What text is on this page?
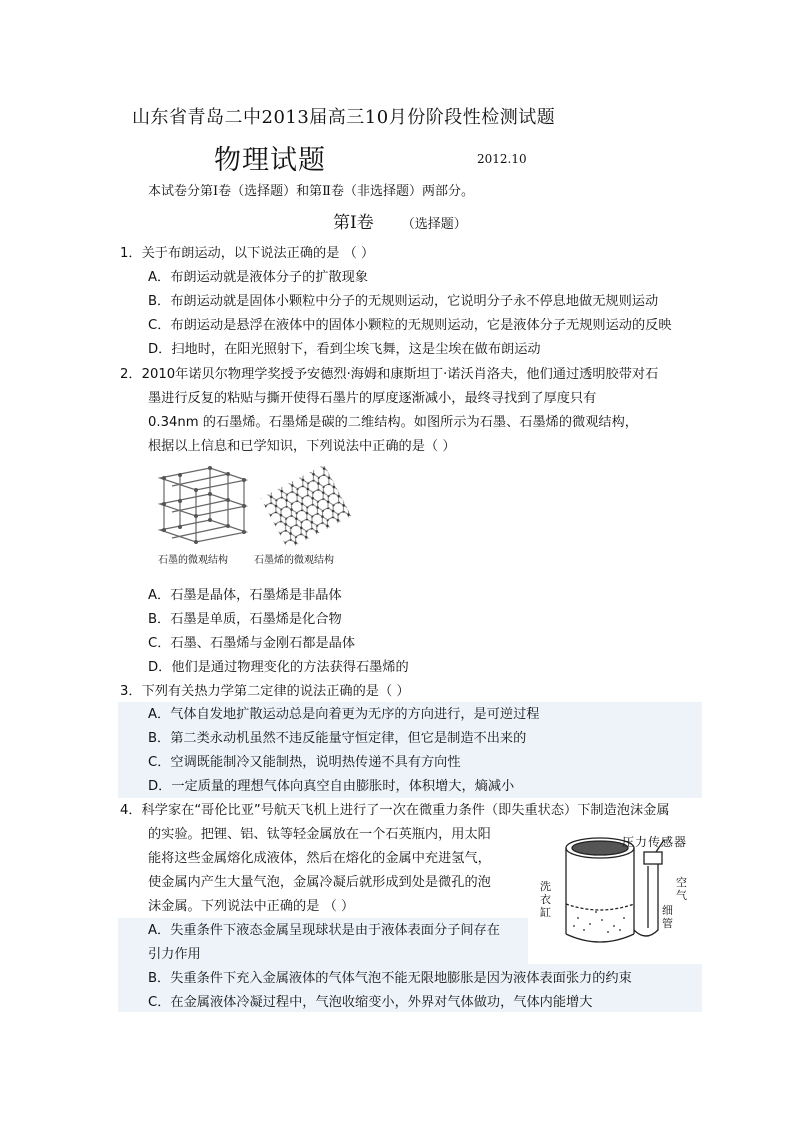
山东省青岛二中2013届高三10月份阶段性检测试题
物理试题	2012.10
本试卷分第Ⅰ卷（选择题）和第Ⅱ卷（非选择题）两部分。
第Ⅰ卷 （选择题）
1．关于布朗运动，以下说法正确的是 （ ）
A．布朗运动就是液体分子的扩散现象
B．布朗运动就是固体小颗粒中分子的无规则运动，它说明分子永不停息地做无规则运动
C．布朗运动是悬浮在液体中的固体小颗粒的无规则运动，它是液体分子无规则运动的反映
D．扫地时，在阳光照射下，看到尘埃飞舞，这是尘埃在做布朗运动
2．2010年诺贝尔物理学奖授予安德烈·海姆和康斯坦丁·诺沃肖洛夫，他们通过透明胶带对石
墨进行反复的粘贴与撕开使得石墨片的厚度逐渐减小，最终寻找到了厚度只有
0.34nm 的石墨烯。石墨烯是碳的二维结构。如图所示为石墨、石墨烯的微观结构，
根据以上信息和已学知识，下列说法中正确的是（ ）
石墨的微观结构	石墨烯的微观结构
A．石墨是晶体，石墨烯是非晶体
B．石墨是单质，石墨烯是化合物
C．石墨、石墨烯与金刚石都是晶体
D．他们是通过物理变化的方法获得石墨烯的
3．下列有关热力学第二定律的说法正确的是（ ）
A．气体自发地扩散运动总是向着更为无序的方向进行，是可逆过程
B．第二类永动机虽然不违反能量守恒定律，但它是制造不出来的
C．空调既能制冷又能制热，说明热传递不具有方向性
D．一定质量的理想气体向真空自由膨胀时，体积增大，熵减小
4．科学家在“哥伦比亚”号航天飞机上进行了一次在微重力条件（即失重状态）下制造泡沫金属
的实验。把锂、铝、钛等轻金属放在一个石英瓶内，用太阳
能将这些金属熔化成液体，然后在熔化的金属中充进氢气，
使金属内产生大量气泡，金属冷凝后就形成到处是微孔的泡
沫金属。下列说法中正确的是 （ ）
压力传感器
洗衣缸
空气
细管
A．失重条件下液态金属呈现球状是由于液体表面分子间存在
引力作用
B．失重条件下充入金属液体的气体气泡不能无限地膨胀是因为液体表面张力的约束
C．在金属液体冷凝过程中，气泡收缩变小，外界对气体做功，气体内能增大
